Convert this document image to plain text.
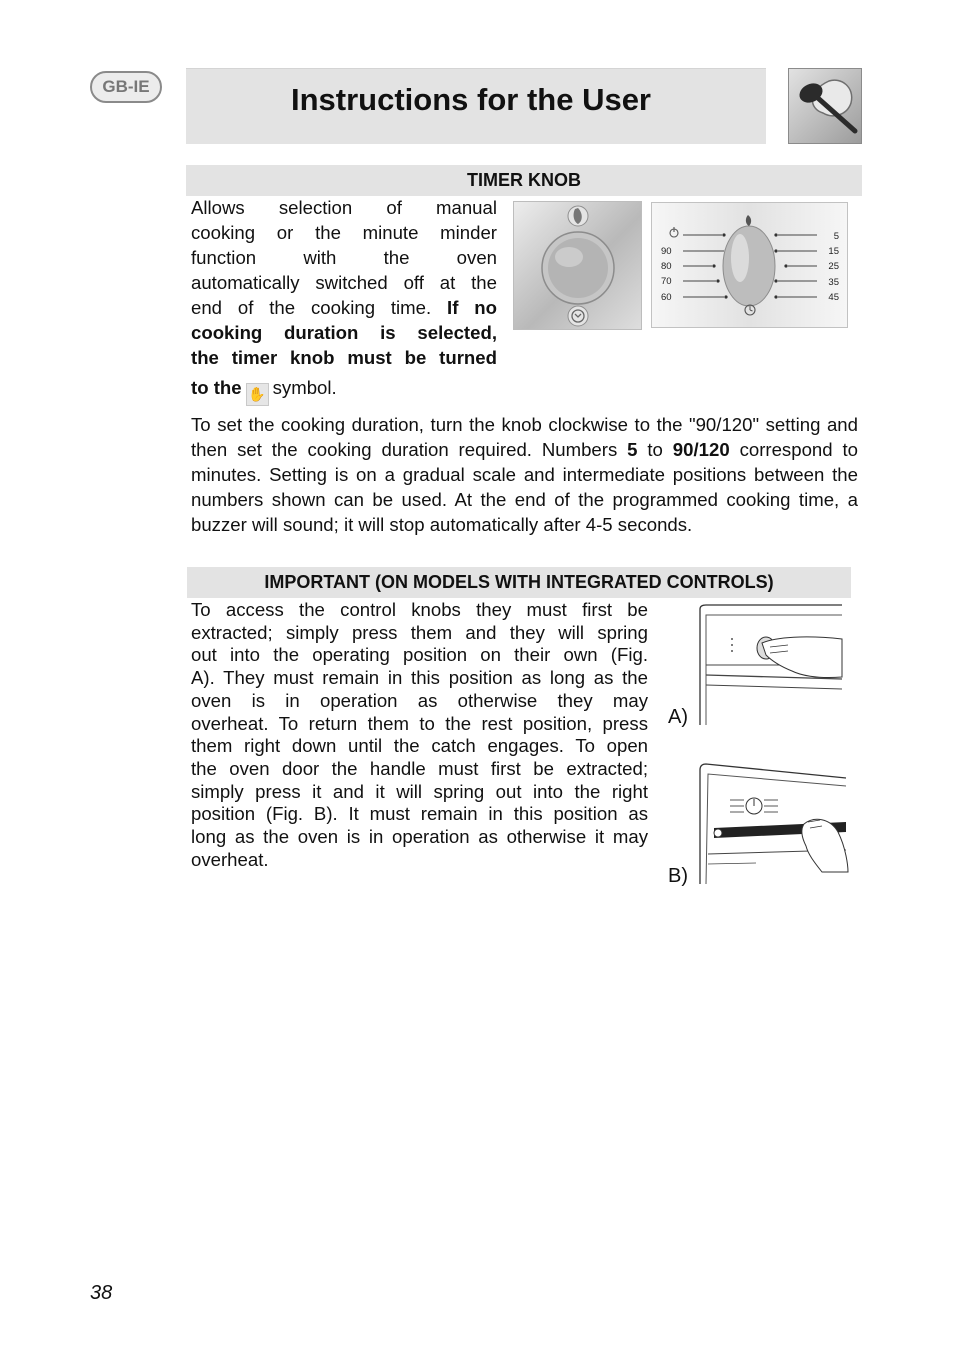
GB-IE	Instructions for the User
TIMER KNOB
Allows selection of manual
cooking or the minute minder
function with the oven
automatically switched off at the
end of the cooking time. If no
cooking duration is selected,
the timer knob must be turned
to the ✋ symbol.
90
80
70
60
5
15
25
35
45
To set the cooking duration, turn the knob clockwise to the "90/120" setting and then set the cooking duration required. Numbers 5 to 90/120 correspond to minutes. Setting is on a gradual scale and intermediate positions between the numbers shown can be used. At the end of the programmed cooking time, a buzzer will sound; it will stop automatically after 4-5 seconds.
IMPORTANT (ON MODELS WITH INTEGRATED CONTROLS)
To access the control knobs they must first be
extracted; simply press them and they will spring
out into the operating position on their own (Fig.
A). They must remain in this position as long as the
oven is in operation as otherwise they may
overheat. To return them to the rest position, press
them right down until the catch engages. To open
the oven door the handle must first be extracted;
simply press it and it will spring out into the right
position (Fig. B). It must remain in this position as
long as the oven is in operation as otherwise it may
overheat.
A)
B)
38
